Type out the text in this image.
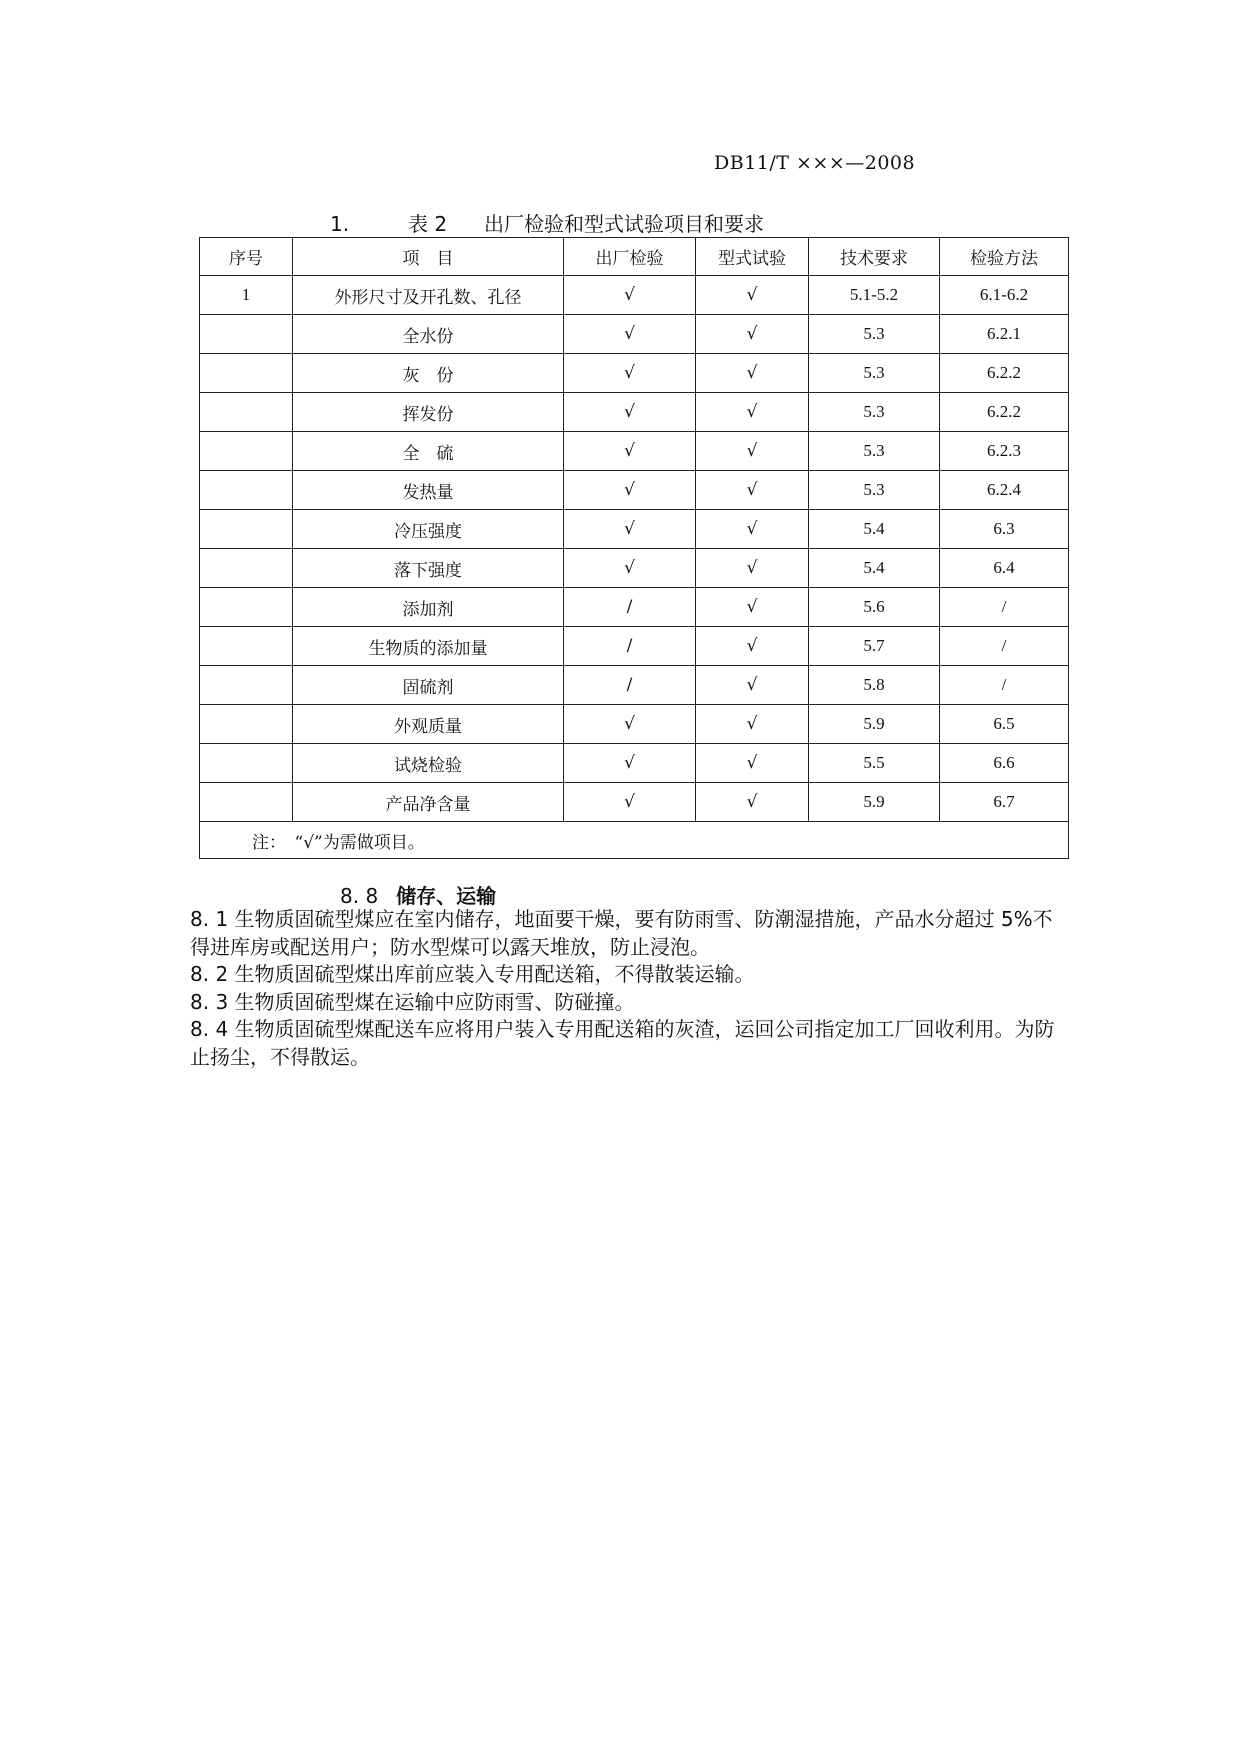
DB11/T ×××—2008
1.	表 2 出厂检验和型式试验项目和要求
序号	项　目	出厂检验	型式试验	技术要求	检验方法
1	外形尺寸及开孔数、孔径	√	√	5.1-5.2	6.1-6.2
	全水份	√	√	5.3	6.2.1
	灰　份	√	√	5.3	6.2.2
	挥发份	√	√	5.3	6.2.2
	全　硫	√	√	5.3	6.2.3
	发热量	√	√	5.3	6.2.4
	冷压强度	√	√	5.4	6.3
	落下强度	√	√	5.4	6.4
	添加剂	/	√	5.6	/
	生物质的添加量	/	√	5.7	/
	固硫剂	/	√	5.8	/
	外观质量	√	√	5.9	6.5
	试烧检验	√	√	5.5	6.6
	产品净含量	√	√	5.9	6.7
注：　“√”为需做项目。					
8. 8 储存、运输

8. 1 生物质固硫型煤应在室内储存，地面要干燥，要有防雨雪、防潮湿措施，产品水分超过 5%不得进库房或配送用户；防水型煤可以露天堆放，防止浸泡。

8. 2 生物质固硫型煤出库前应装入专用配送箱，不得散装运输。

8. 3 生物质固硫型煤在运输中应防雨雪、防碰撞。

8. 4 生物质固硫型煤配送车应将用户装入专用配送箱的灰渣，运回公司指定加工厂回收利用。为防止扬尘，不得散运。
